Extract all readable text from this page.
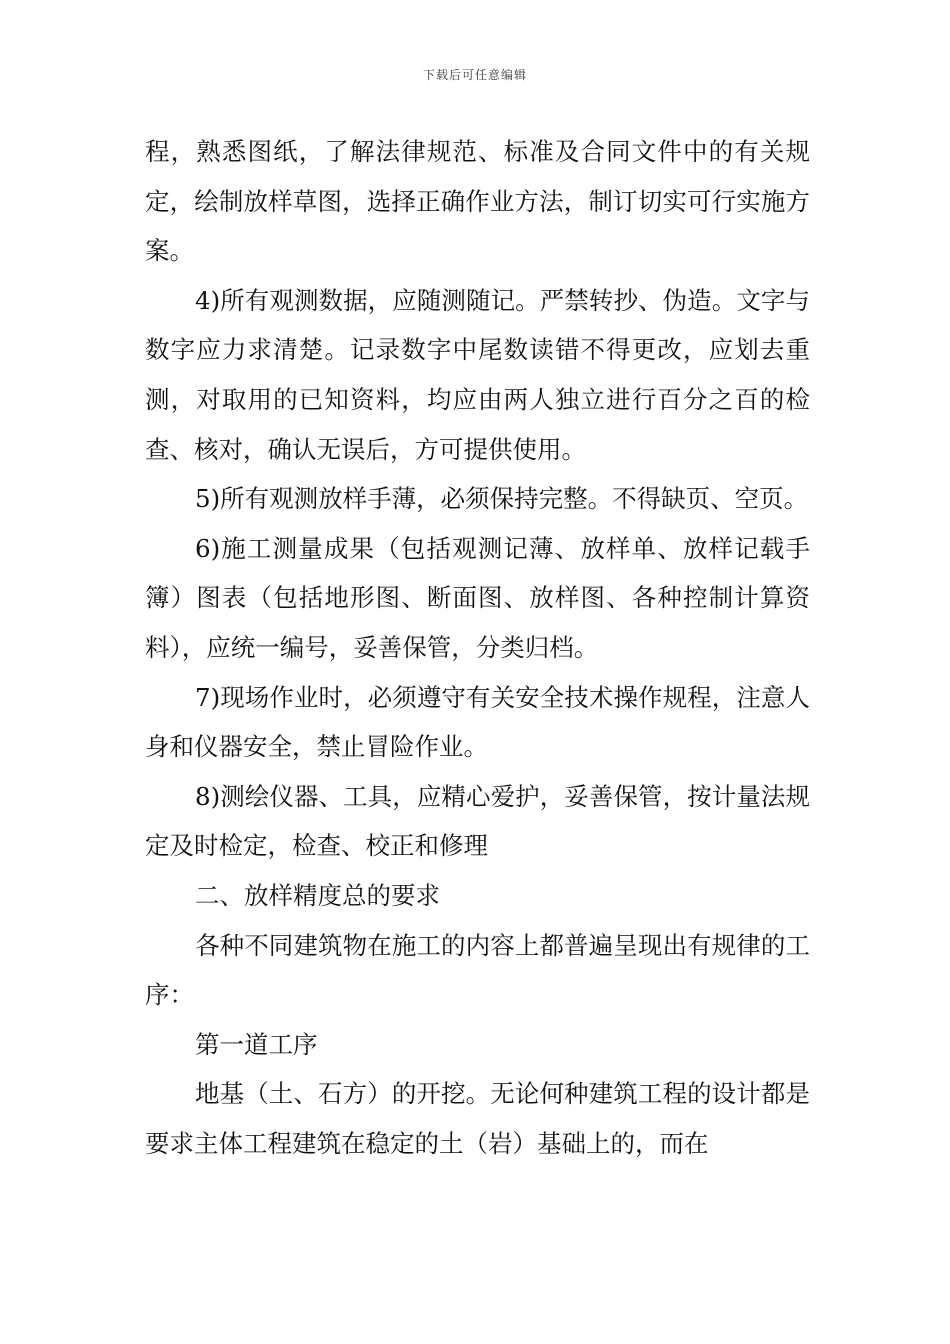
下载后可任意编辑

程，熟悉图纸，了解法律规范、标准及合同文件中的有关规定，绘制放样草图，选择正确作业方法，制订切实可行实施方案。

4)所有观测数据，应随测随记。严禁转抄、伪造。文字与数字应力求清楚。记录数字中尾数读错不得更改，应划去重测，对取用的已知资料，均应由两人独立进行百分之百的检查、核对，确认无误后，方可提供使用。

5)所有观测放样手薄，必须保持完整。不得缺页、空页。

6)施工测量成果（包括观测记薄、放样单、放样记载手簿）图表（包括地形图、断面图、放样图、各种控制计算资料），应统一编号，妥善保管，分类归档。

7)现场作业时，必须遵守有关安全技术操作规程，注意人身和仪器安全，禁止冒险作业。

8)测绘仪器、工具，应精心爱护，妥善保管，按计量法规定及时检定，检查、校正和修理

二、放样精度总的要求

各种不同建筑物在施工的内容上都普遍呈现出有规律的工序：

第一道工序

地基（土、石方）的开挖。无论何种建筑工程的设计都是要求主体工程建筑在稳定的土（岩）基础上的，而在
